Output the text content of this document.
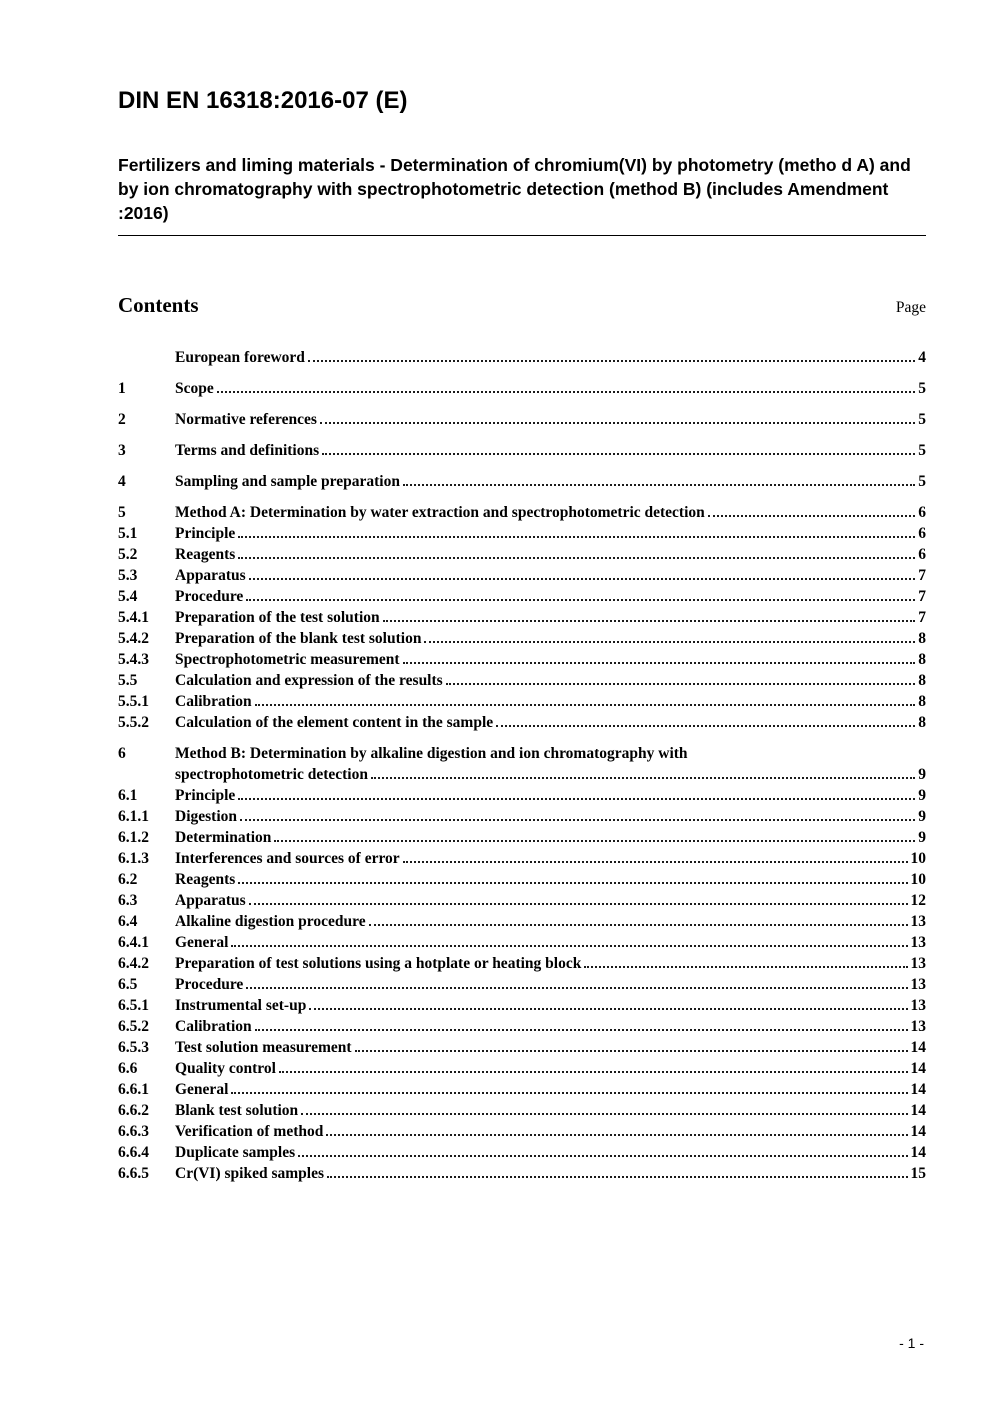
DIN EN 16318:2016-07 (E)
Fertilizers and liming materials - Determination of chromium(VI) by photometry (metho d A) and by ion chromatography with spectrophotometric detection (method B) (includes Amendment :2016)
Contents	Page
European foreword	4
1	Scope	5
2	Normative references	5
3	Terms and definitions	5
4	Sampling and sample preparation	5
5	Method A: Determination by water extraction and spectrophotometric detection	6
5.1	Principle	6
5.2	Reagents	6
5.3	Apparatus	7
5.4	Procedure	7
5.4.1	Preparation of the test solution	7
5.4.2	Preparation of the blank test solution	8
5.4.3	Spectrophotometric measurement	8
5.5	Calculation and expression of the results	8
5.5.1	Calibration	8
5.5.2	Calculation of the element content in the sample	8
6	Method B: Determination by alkaline digestion and ion chromatography with
spectrophotometric detection	9
6.1	Principle	9
6.1.1	Digestion	9
6.1.2	Determination	9
6.1.3	Interferences and sources of error	10
6.2	Reagents	10
6.3	Apparatus	12
6.4	Alkaline digestion procedure	13
6.4.1	General	13
6.4.2	Preparation of test solutions using a hotplate or heating block	13
6.5	Procedure	13
6.5.1	Instrumental set-up	13
6.5.2	Calibration	13
6.5.3	Test solution measurement	14
6.6	Quality control	14
6.6.1	General	14
6.6.2	Blank test solution	14
6.6.3	Verification of method	14
6.6.4	Duplicate samples	14
6.6.5	Cr(VI) spiked samples	15
- 1 -
